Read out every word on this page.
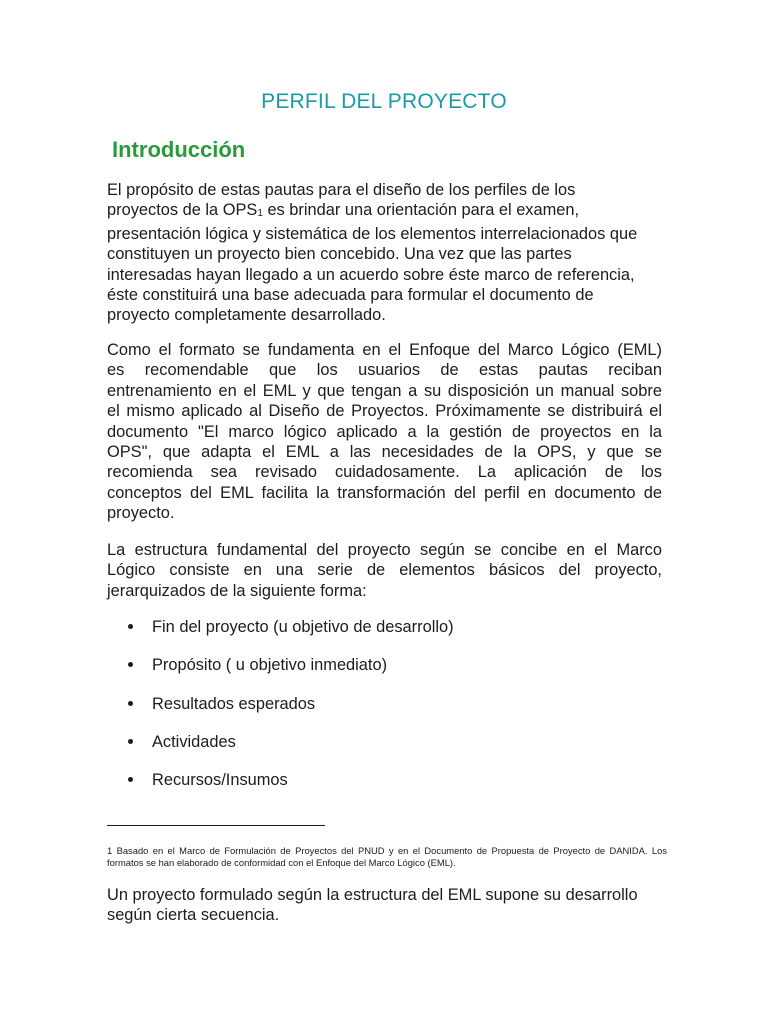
PERFIL DEL PROYECTO
Introducción
El propósito de estas pautas para el diseño de los perfiles de los
proyectos de la $OPS_1$ es brindar una orientación para el examen,
presentación lógica y sistemática de los elementos interrelacionados que
constituyen un proyecto bien concebido. Una vez que las partes
interesadas hayan llegado a un acuerdo sobre éste marco de referencia,
éste constituirá una base adecuada para formular el documento de
proyecto completamente desarrollado.
Como el formato se fundamenta en el Enfoque del Marco Lógico (EML)
es recomendable que los usuarios de estas pautas reciban
entrenamiento en el EML y que tengan a su disposición un manual sobre
el mismo aplicado al Diseño de Proyectos. Próximamente se distribuirá el
documento "El marco lógico aplicado a la gestión de proyectos en la
OPS", que adapta el EML a las necesidades de la OPS, y que se
recomienda sea revisado cuidadosamente. La aplicación de los
conceptos del EML facilita la transformación del perfil en documento de
proyecto.
La estructura fundamental del proyecto según se concibe en el Marco
Lógico consiste en una serie de elementos básicos del proyecto,
jerarquizados de la siguiente forma:
Fin del proyecto (u objetivo de desarrollo)
Propósito ( u objetivo inmediato)
Resultados esperados
Actividades
Recursos/Insumos
1 Basado en el Marco de Formulación de Proyectos del PNUD y en el Documento de Propuesta de Proyecto de DANIDA. Los
formatos se han elaborado de conformidad con el Enfoque del Marco Lógico (EML).
Un proyecto formulado según la estructura del EML supone su desarrollo
según cierta secuencia.
